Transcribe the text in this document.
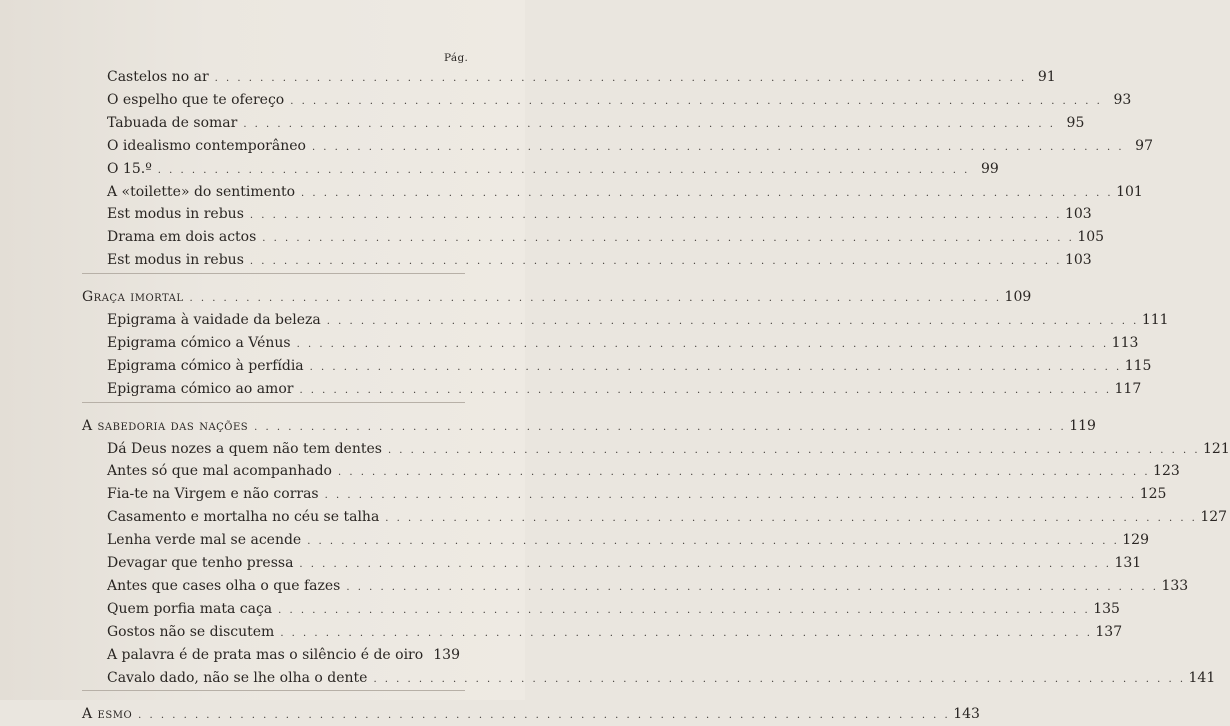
Pág.
Castelos no ar . . .	91
O espelho que te ofereço . . .	93
Tabuada de somar . . .	95
O idealismo contemporâneo . . .	97
O 15.º . . .	99
A «toilette» do sentimento . . .	101
Est modus in rebus . . .	103
Drama em dois actos . . .	105
Est modus in rebus . . .	103
Graça imortal . . .	109
Epigrama à vaidade da beleza . . .	111
Epigrama cómico a Vénus . . .	113
Epigrama cómico à perfídia . . .	115
Epigrama cómico ao amor . . .	117
A sabedoria das nações . . .	119
Dá Deus nozes a quem não tem dentes . . .	121
Antes só que mal acompanhado . . .	123
Fia-te na Virgem e não corras . . .	125
Casamento e mortalha no céu se talha . . .	127
Lenha verde mal se acende . . .	129
Devagar que tenho pressa . . .	131
Antes que cases olha o que fazes . . .	133
Quem porfia mata caça . . .	135
Gostos não se discutem . . .	137
A palavra é de prata mas o silêncio é de oiro . . . 139
Cavalo dado, não se lhe olha o dente . . .	141
A esmo . . .	143
